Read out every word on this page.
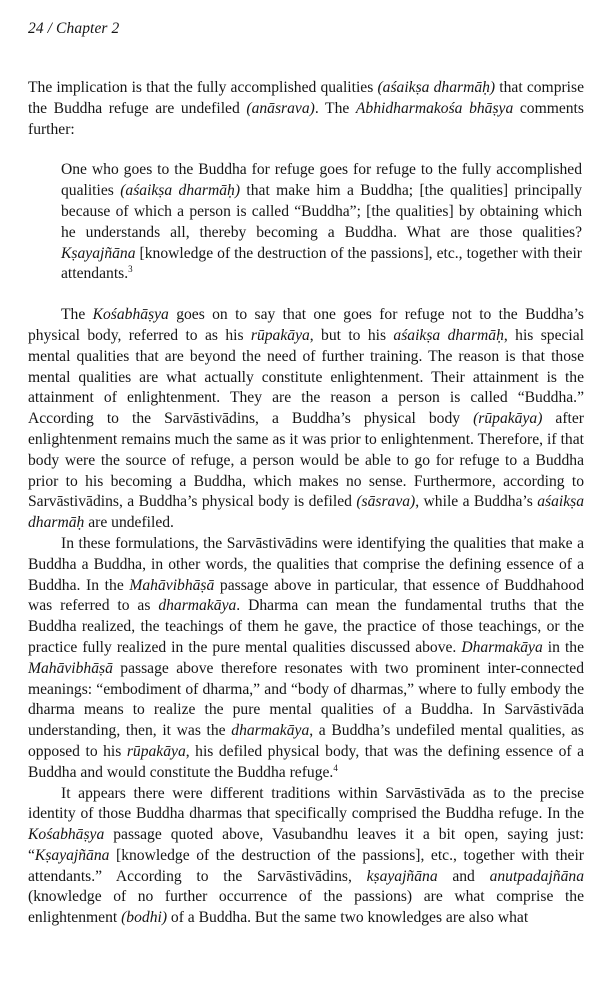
24 / Chapter 2

The implication is that the fully accomplished qualities (aśaikṣa dharmāḥ) that comprise the Buddha refuge are undefiled (anāsrava). The Abhidharmakośa bhāṣya comments further:

One who goes to the Buddha for refuge goes for refuge to the fully accomplished qualities (aśaikṣa dharmāḥ) that make him a Buddha; [the qualities] principally because of which a person is called “Buddha”; [the qualities] by obtaining which he understands all, thereby becoming a Buddha. What are those qualities? Kṣayajñāna [knowledge of the destruction of the passions], etc., together with their attendants.$^3$

The Kośabhāṣya goes on to say that one goes for refuge not to the Buddha’s physical body, referred to as his rūpakāya, but to his aśaikṣa dharmāḥ, his special mental qualities that are beyond the need of further training. The reason is that those mental qualities are what actually constitute enlightenment. Their attainment is the attainment of enlightenment. They are the reason a person is called “Buddha.” According to the Sarvāstivādins, a Buddha’s physical body (rūpakāya) after enlightenment remains much the same as it was prior to enlightenment. Therefore, if that body were the source of refuge, a person would be able to go for refuge to a Buddha prior to his becoming a Buddha, which makes no sense. Furthermore, according to Sarvāstivādins, a Buddha’s physical body is defiled (sāsrava), while a Buddha’s aśaikṣa dharmāḥ are undefiled.

In these formulations, the Sarvāstivādins were identifying the qualities that make a Buddha a Buddha, in other words, the qualities that comprise the defining essence of a Buddha. In the Mahāvibhāṣā passage above in particular, that essence of Buddhahood was referred to as dharmakāya. Dharma can mean the fundamental truths that the Buddha realized, the teachings of them he gave, the practice of those teachings, or the practice fully realized in the pure mental qualities discussed above. Dharmakāya in the Mahāvibhāṣā passage above therefore resonates with two prominent inter-connected meanings: “embodiment of dharma,” and “body of dharmas,” where to fully embody the dharma means to realize the pure mental qualities of a Buddha. In Sarvāstivāda understanding, then, it was the dharmakāya, a Buddha’s undefiled mental qualities, as opposed to his rūpakāya, his defiled physical body, that was the defining essence of a Buddha and would constitute the Buddha refuge.$^4$

It appears there were different traditions within Sarvāstivāda as to the precise identity of those Buddha dharmas that specifically comprised the Buddha refuge. In the Kośabhāṣya passage quoted above, Vasubandhu leaves it a bit open, saying just: “Kṣayajñāna [knowledge of the destruction of the passions], etc., together with their attendants.” According to the Sarvāstivādins, kṣayajñāna and anutpadajñāna (knowledge of no further occurrence of the passions) are what comprise the enlightenment (bodhi) of a Buddha. But the same two knowledges are also what
